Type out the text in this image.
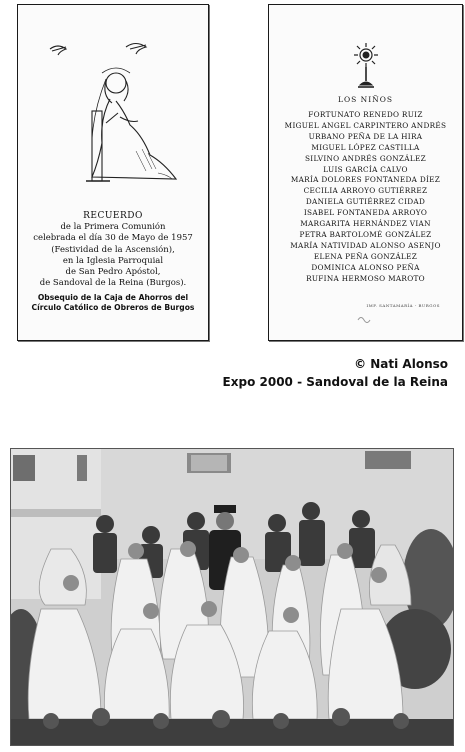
RECUERDO
de la Primera Comunión
celebrada el día 30 de Mayo de 1957
(Festividad de la Ascensión),
en la Iglesia Parroquial
de San Pedro Apóstol,
de Sandoval de la Reina (Burgos).
Obsequio de la Caja de Ahorros del
Círculo Católico de Obreros de Burgos
LOS NIÑOS
FORTUNATO RENEDO RUIZ
MIGUEL ANGEL CARPINTERO ANDRÉS
URBANO PEÑA DE LA HIRA
MIGUEL LÓPEZ CASTILLA
SILVINO ANDRÉS GONZÁLEZ
LUIS GARCÍA CALVO
MARÍA DOLORES FONTANEDA DÍEZ
CECILIA ARROYO GUTIÉRREZ
DANIELA GUTIÉRREZ CIDAD
ISABEL FONTANEDA ARROYO
MARGARITA HERNÁNDEZ VIAN
PETRA BARTOLOMÉ GONZÁLEZ
MARÍA NATIVIDAD ALONSO ASENJO
ELENA PEÑA GONZÁLEZ
DOMINICA ALONSO PEÑA
RUFINA HERMOSO MAROTO
IMP. SANTAMARÍA - BURGOS
© Nati Alonso
Expo 2000 - Sandoval de la Reina
